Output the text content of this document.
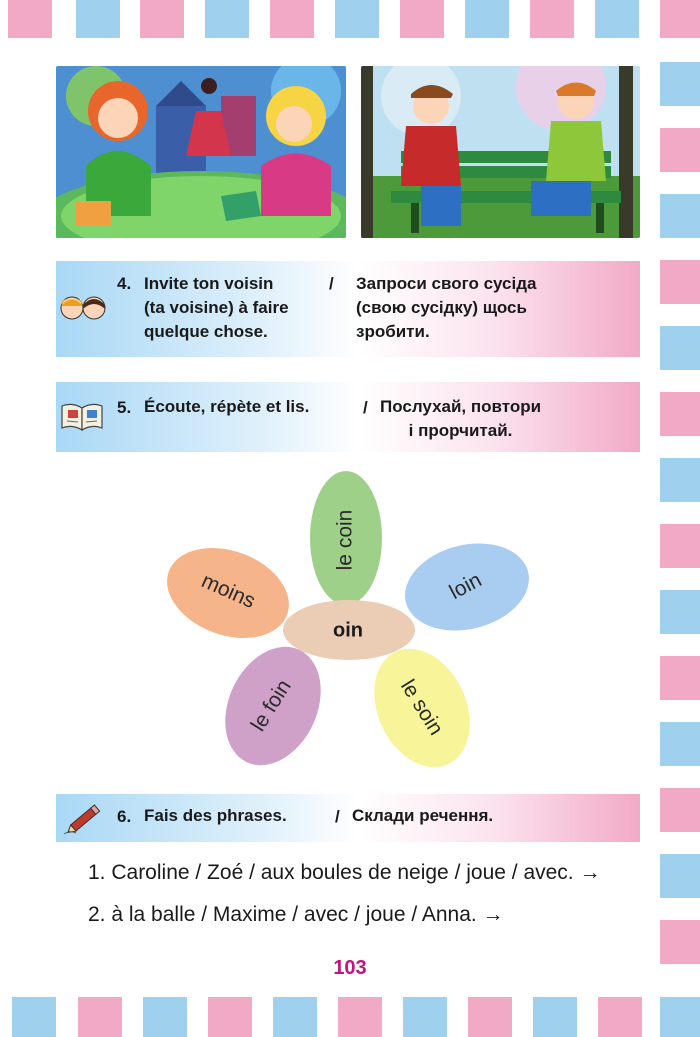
4. Invite ton voisin
(ta voisine) à faire
quelque chose.
/ Запроси свого сусіда
(свою сусідку) щось
зробити.
5. Écoute, répète et lis.	/ Послухай, повтори
і прорчитай.
le coin
loin
le soin
le foin
moins
oin
6. Fais des phrases.	/ Склади речення.
1. Caroline / Zoé / aux boules de neige / joue / avec. →
2. à la balle / Maxime / avec / joue / Anna. →
103
